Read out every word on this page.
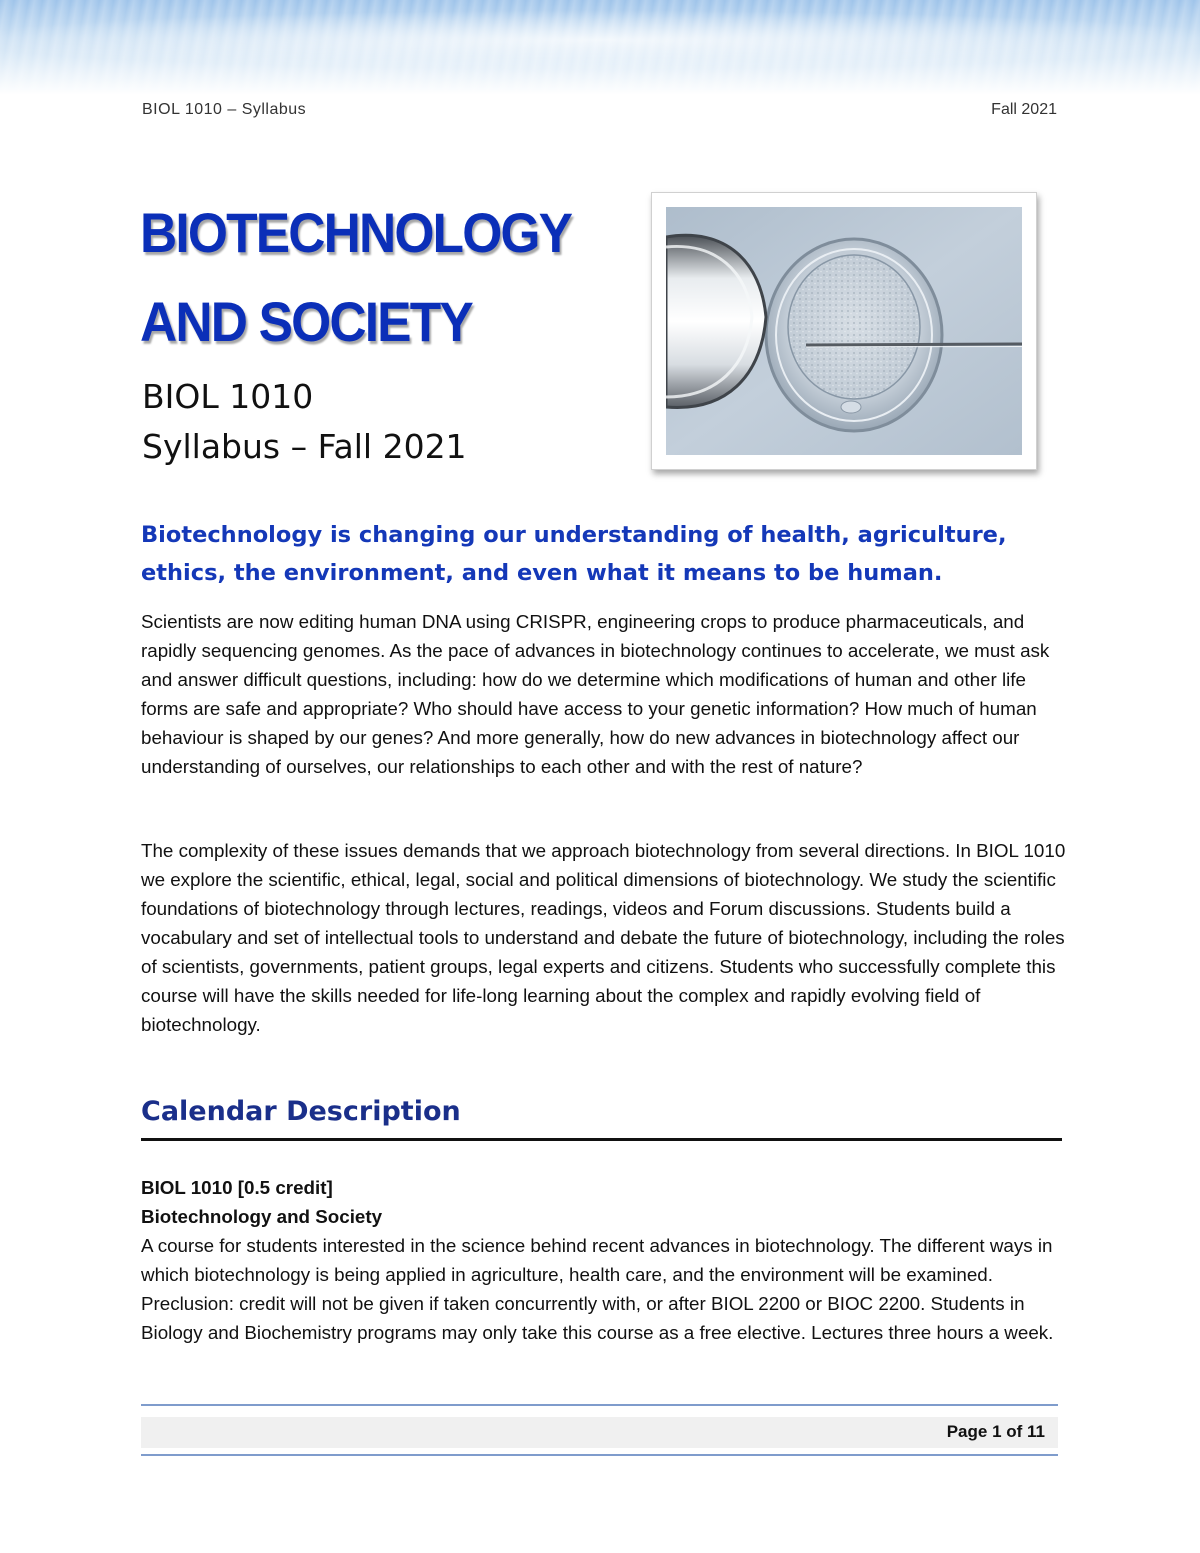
BIOL 1010 – Syllabus	Fall 2021
BIOTECHNOLOGY
AND SOCIETY
BIOL 1010
Syllabus – Fall 2021
Biotechnology is changing our understanding of health, agriculture, ethics, the environment, and even what it means to be human.
Scientists are now editing human DNA using CRISPR, engineering crops to produce pharmaceuticals, and rapidly sequencing genomes. As the pace of advances in biotechnology continues to accelerate, we must ask and answer difficult questions, including: how do we determine which modifications of human and other life forms are safe and appropriate? Who should have access to your genetic information? How much of human behaviour is shaped by our genes? And more generally, how do new advances in biotechnology affect our understanding of ourselves, our relationships to each other and with the rest of nature?
The complexity of these issues demands that we approach biotechnology from several directions. In BIOL 1010 we explore the scientific, ethical, legal, social and political dimensions of biotechnology. We study the scientific foundations of biotechnology through lectures, readings, videos and Forum discussions. Students build a vocabulary and set of intellectual tools to understand and debate the future of biotechnology, including the roles of scientists, governments, patient groups, legal experts and citizens. Students who successfully complete this course will have the skills needed for life-long learning about the complex and rapidly evolving field of biotechnology.
Calendar Description
BIOL 1010 [0.5 credit]
Biotechnology and Society
A course for students interested in the science behind recent advances in biotechnology. The different ways in which biotechnology is being applied in agriculture, health care, and the environment will be examined. Preclusion: credit will not be given if taken concurrently with, or after BIOL 2200 or BIOC 2200. Students in Biology and Biochemistry programs may only take this course as a free elective. Lectures three hours a week.
Page 1 of 11
